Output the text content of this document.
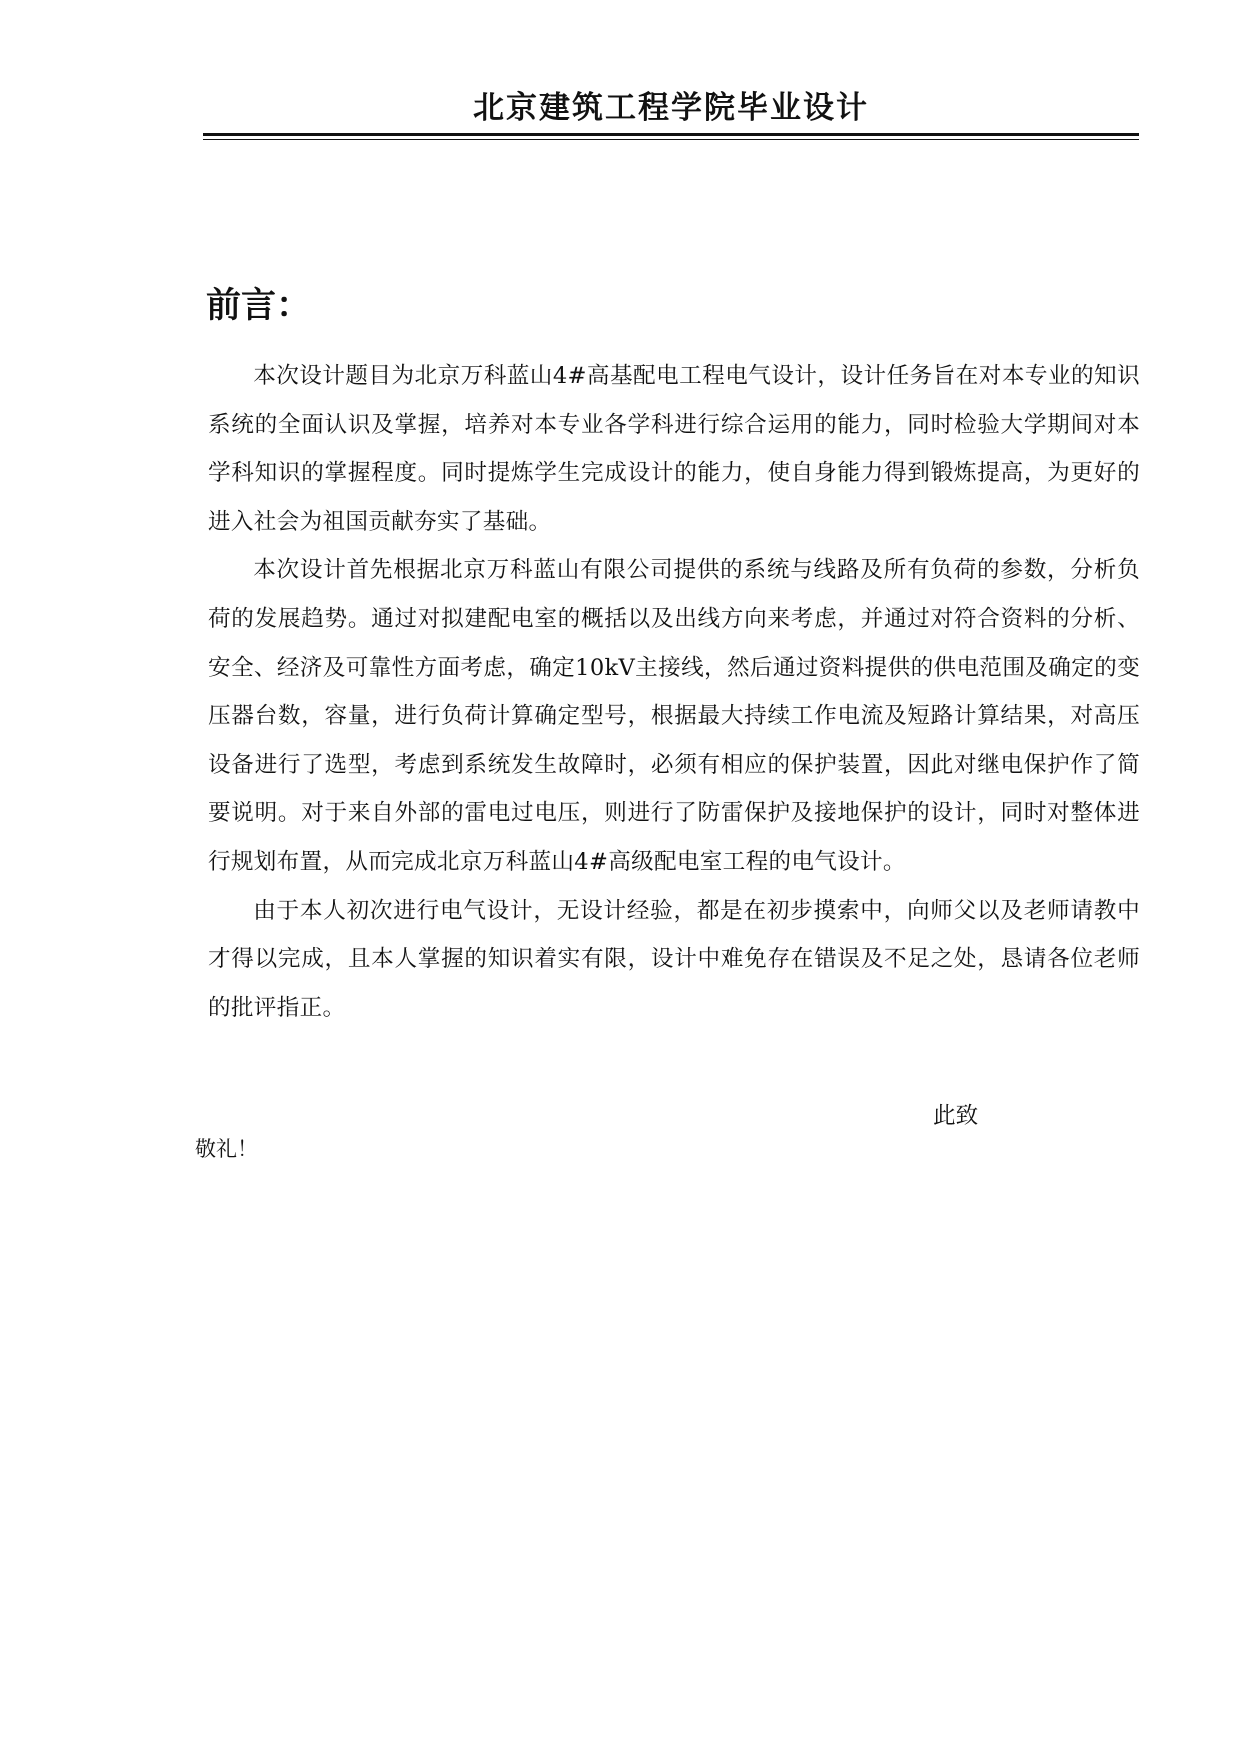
北京建筑工程学院毕业设计
前言：

本次设计题目为北京万科蓝山4#高基配电工程电气设计，设计任务旨在对本专业的知识系统的全面认识及掌握，培养对本专业各学科进行综合运用的能力，同时检验大学期间对本学科知识的掌握程度。同时提炼学生完成设计的能力，使自身能力得到锻炼提高，为更好的进入社会为祖国贡献夯实了基础。

本次设计首先根据北京万科蓝山有限公司提供的系统与线路及所有负荷的参数，分析负荷的发展趋势。通过对拟建配电室的概括以及出线方向来考虑，并通过对符合资料的分析、安全、经济及可靠性方面考虑，确定10kV主接线，然后通过资料提供的供电范围及确定的变压器台数，容量，进行负荷计算确定型号，根据最大持续工作电流及短路计算结果，对高压设备进行了选型，考虑到系统发生故障时，必须有相应的保护装置，因此对继电保护作了简要说明。对于来自外部的雷电过电压，则进行了防雷保护及接地保护的设计，同时对整体进行规划布置，从而完成北京万科蓝山4#高级配电室工程的电气设计。

由于本人初次进行电气设计，无设计经验，都是在初步摸索中，向师父以及老师请教中才得以完成，且本人掌握的知识着实有限，设计中难免存在错误及不足之处，恳请各位老师的批评指正。

此致
敬礼！
